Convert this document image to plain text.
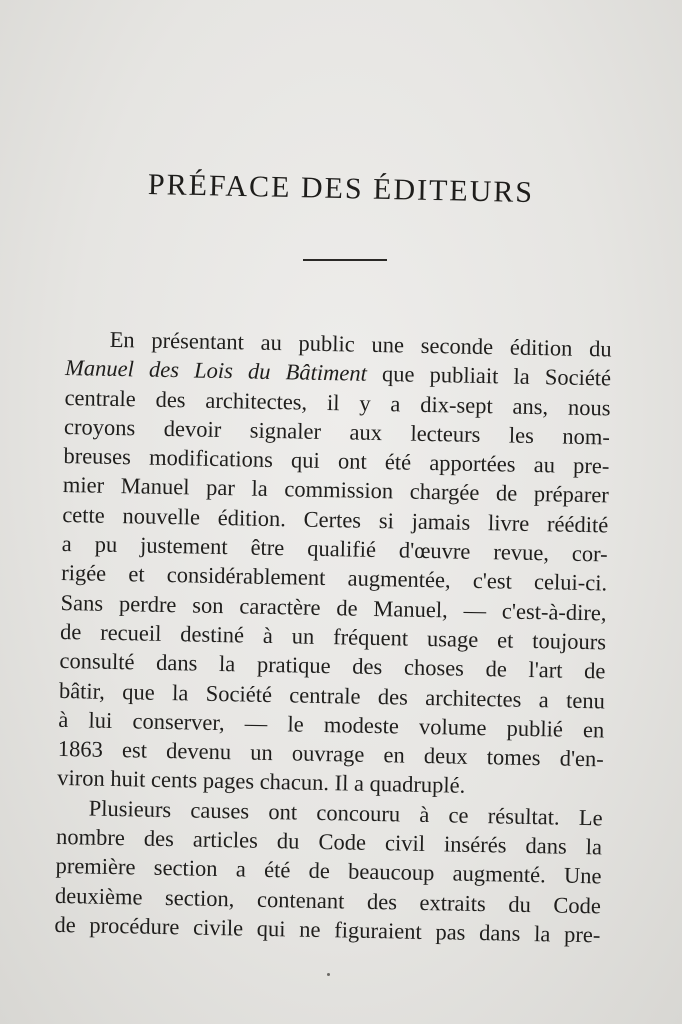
PRÉFACE DES ÉDITEURS
En présentant au public une seconde édition du
Manuel des Lois du Bâtiment que publiait la Société
centrale des architectes, il y a dix-sept ans, nous
croyons devoir signaler aux lecteurs les nom-
breuses modifications qui ont été apportées au pre-
mier Manuel par la commission chargée de préparer
cette nouvelle édition. Certes si jamais livre réédité
a pu justement être qualifié d'œuvre revue, cor-
rigée et considérablement augmentée, c'est celui-ci.
Sans perdre son caractère de Manuel, — c'est-à-dire,
de recueil destiné à un fréquent usage et toujours
consulté dans la pratique des choses de l'art de
bâtir, que la Société centrale des architectes a tenu
à lui conserver, — le modeste volume publié en
1863 est devenu un ouvrage en deux tomes d'en-
viron huit cents pages chacun. Il a quadruplé.
Plusieurs causes ont concouru à ce résultat. Le
nombre des articles du Code civil insérés dans la
première section a été de beaucoup augmenté. Une
deuxième section, contenant des extraits du Code
de procédure civile qui ne figuraient pas dans la pre-
